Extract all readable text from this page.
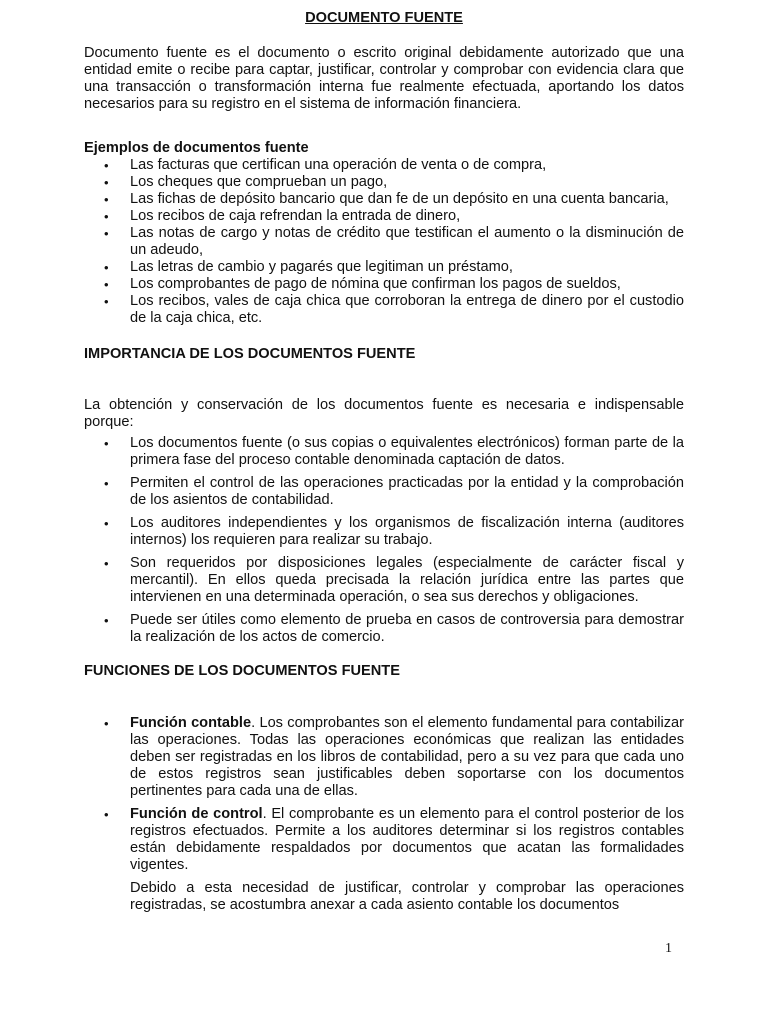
DOCUMENTO FUENTE

Documento fuente es el documento o escrito original debidamente autorizado que una entidad emite o recibe para captar, justificar, controlar y comprobar con evidencia clara que una transacción o transformación interna fue realmente efectuada, aportando los datos necesarios para su registro en el sistema de información financiera.

Ejemplos de documentos fuente

• Las facturas que certifican una operación de venta o de compra,
• Los cheques que comprueban un pago,
• Las fichas de depósito bancario que dan fe de un depósito en una cuenta bancaria,
• Los recibos de caja refrendan la entrada de dinero,
• Las notas de cargo y notas de crédito que testifican el aumento o la disminución de un adeudo,
• Las letras de cambio y pagarés que legitiman un préstamo,
• Los comprobantes de pago de nómina que confirman los pagos de sueldos,
• Los recibos, vales de caja chica que corroboran la entrega de dinero por el custodio de la caja chica, etc.

IMPORTANCIA DE LOS DOCUMENTOS FUENTE

La obtención y conservación de los documentos fuente es necesaria e indispensable porque:

• Los documentos fuente (o sus copias o equivalentes electrónicos) forman parte de la primera fase del proceso contable denominada captación de datos.
• Permiten el control de las operaciones practicadas por la entidad y la comprobación de los asientos de contabilidad.
• Los auditores independientes y los organismos de fiscalización interna (auditores internos) los requieren para realizar su trabajo.
• Son requeridos por disposiciones legales (especialmente de carácter fiscal y mercantil). En ellos queda precisada la relación jurídica entre las partes que intervienen en una determinada operación, o sea sus derechos y obligaciones.
• Puede ser útiles como elemento de prueba en casos de controversia para demostrar la realización de los actos de comercio.

FUNCIONES DE LOS DOCUMENTOS FUENTE

• Función contable. Los comprobantes son el elemento fundamental para contabilizar las operaciones. Todas las operaciones económicas que realizan las entidades deben ser registradas en los libros de contabilidad, pero a su vez para que cada uno de estos registros sean justificables deben soportarse con los documentos pertinentes para cada una de ellas.
• Función de control. El comprobante es un elemento para el control posterior de los registros efectuados. Permite a los auditores determinar si los registros contables están debidamente respaldados por documentos que acatan las formalidades vigentes.

Debido a esta necesidad de justificar, controlar y comprobar las operaciones registradas, se acostumbra anexar a cada asiento contable los documentos

1
